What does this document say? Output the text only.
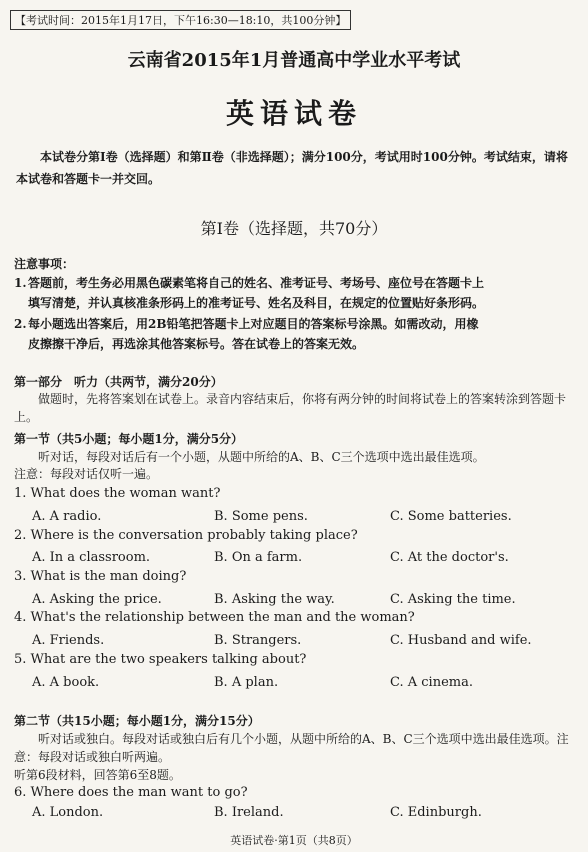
【考试时间：2015年1月17日，下午16:30—18:10，共100分钟】
云南省2015年1月普通高中学业水平考试
英语试卷
本试卷分第Ⅰ卷（选择题）和第Ⅱ卷（非选择题）；满分100分，考试用时100分钟。考试结束，请将本试卷和答题卡一并交回。
第Ⅰ卷（选择题，共70分）
注意事项：
1.答题前，考生务必用黑色碳素笔将自己的姓名、准考证号、考场号、座位号在答题卡上
填写清楚，并认真核准条形码上的准考证号、姓名及科目，在规定的位置贴好条形码。
2.每小题选出答案后，用2B铅笔把答题卡上对应题目的答案标号涂黑。如需改动，用橡
皮擦擦干净后，再选涂其他答案标号。答在试卷上的答案无效。
第一部分　听力（共两节，满分20分）
做题时，先将答案划在试卷上。录音内容结束后，你将有两分钟的时间将试卷上的答案转涂到答题卡上。
第一节（共5小题；每小题1分，满分5分）
听对话，每段对话后有一个小题，从题中所给的A、B、C三个选项中选出最佳选项。
注意：每段对话仅听一遍。
1. What does the woman want?
A. A radio.	B. Some pens.	C. Some batteries.
2. Where is the conversation probably taking place?
A. In a classroom.	B. On a farm.	C. At the doctor's.
3. What is the man doing?
A. Asking the price.	B. Asking the way.	C. Asking the time.
4. What's the relationship between the man and the woman?
A. Friends.	B. Strangers.	C. Husband and wife.
5. What are the two speakers talking about?
A. A book.	B. A plan.	C. A cinema.
第二节（共15小题；每小题1分，满分15分）
听对话或独白。每段对话或独白后有几个小题，从题中所给的A、B、C三个选项中选出最佳选项。注意：每段对话或独白听两遍。
听第6段材料，回答第6至8题。
6. Where does the man want to go?
A. London.	B. Ireland.	C. Edinburgh.
英语试卷·第1页（共8页）
